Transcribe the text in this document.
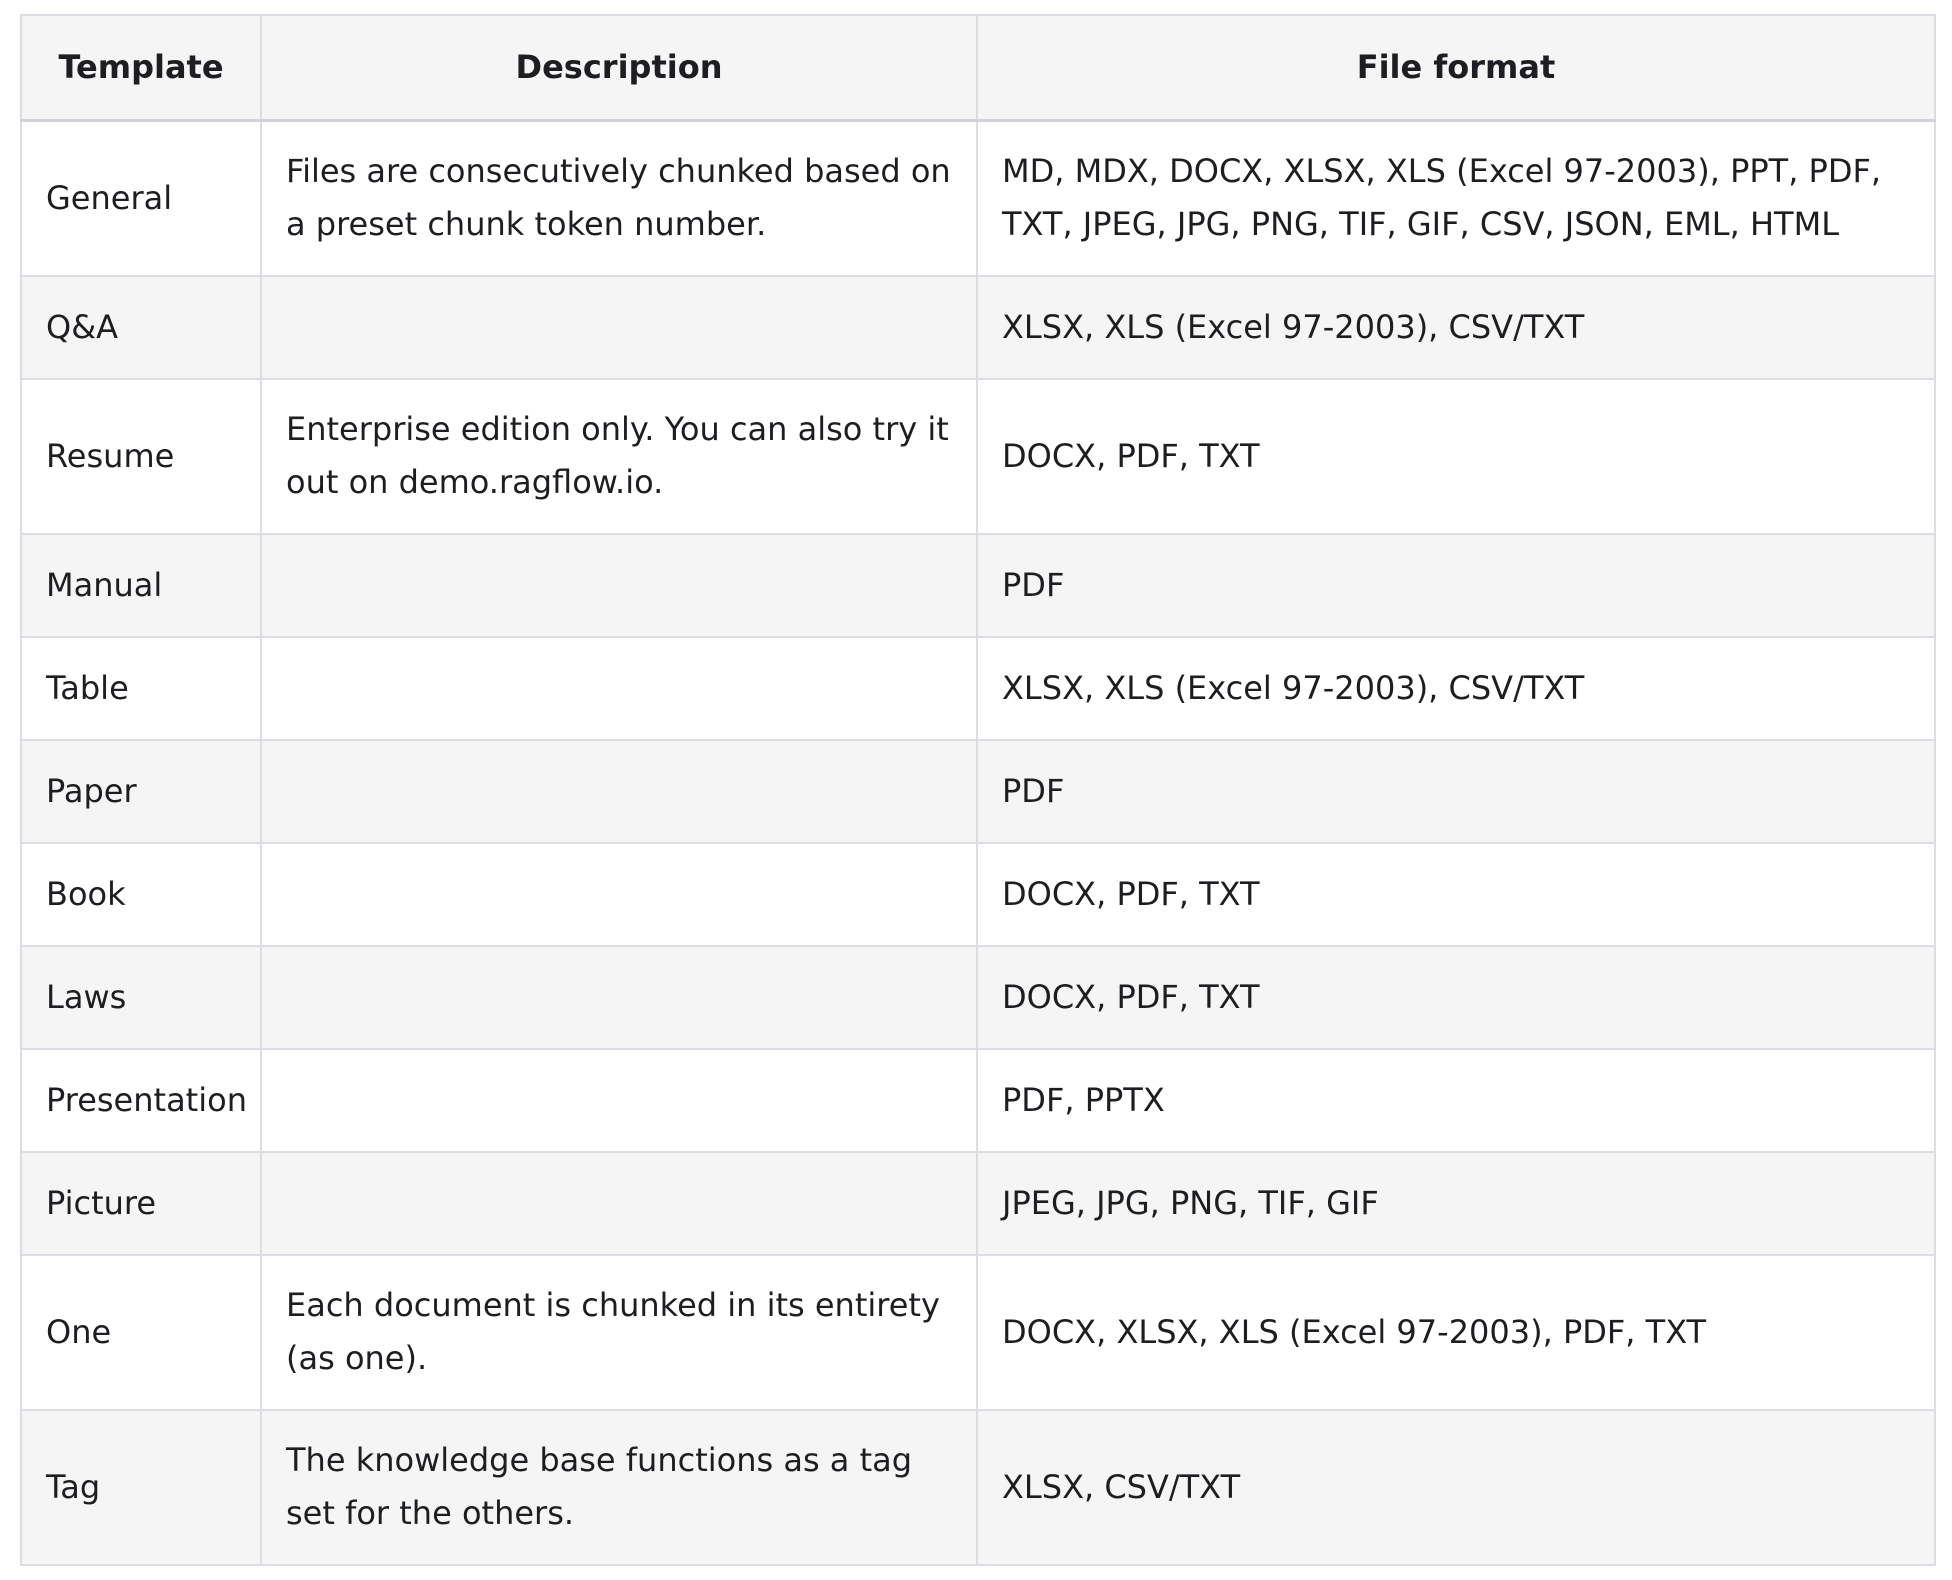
Template	Description	File format
General	Files are consecutively chunked based on a preset chunk token number.	MD, MDX, DOCX, XLSX, XLS (Excel 97-2003), PPT, PDF, TXT, JPEG, JPG, PNG, TIF, GIF, CSV, JSON, EML, HTML
Q&A		XLSX, XLS (Excel 97-2003), CSV/TXT
Resume	Enterprise edition only. You can also try it out on demo.ragflow.io.	DOCX, PDF, TXT
Manual		PDF
Table		XLSX, XLS (Excel 97-2003), CSV/TXT
Paper		PDF
Book		DOCX, PDF, TXT
Laws		DOCX, PDF, TXT
Presentation		PDF, PPTX
Picture		JPEG, JPG, PNG, TIF, GIF
One	Each document is chunked in its entirety (as one).	DOCX, XLSX, XLS (Excel 97-2003), PDF, TXT
Tag	The knowledge base functions as a tag set for the others.	XLSX, CSV/TXT
